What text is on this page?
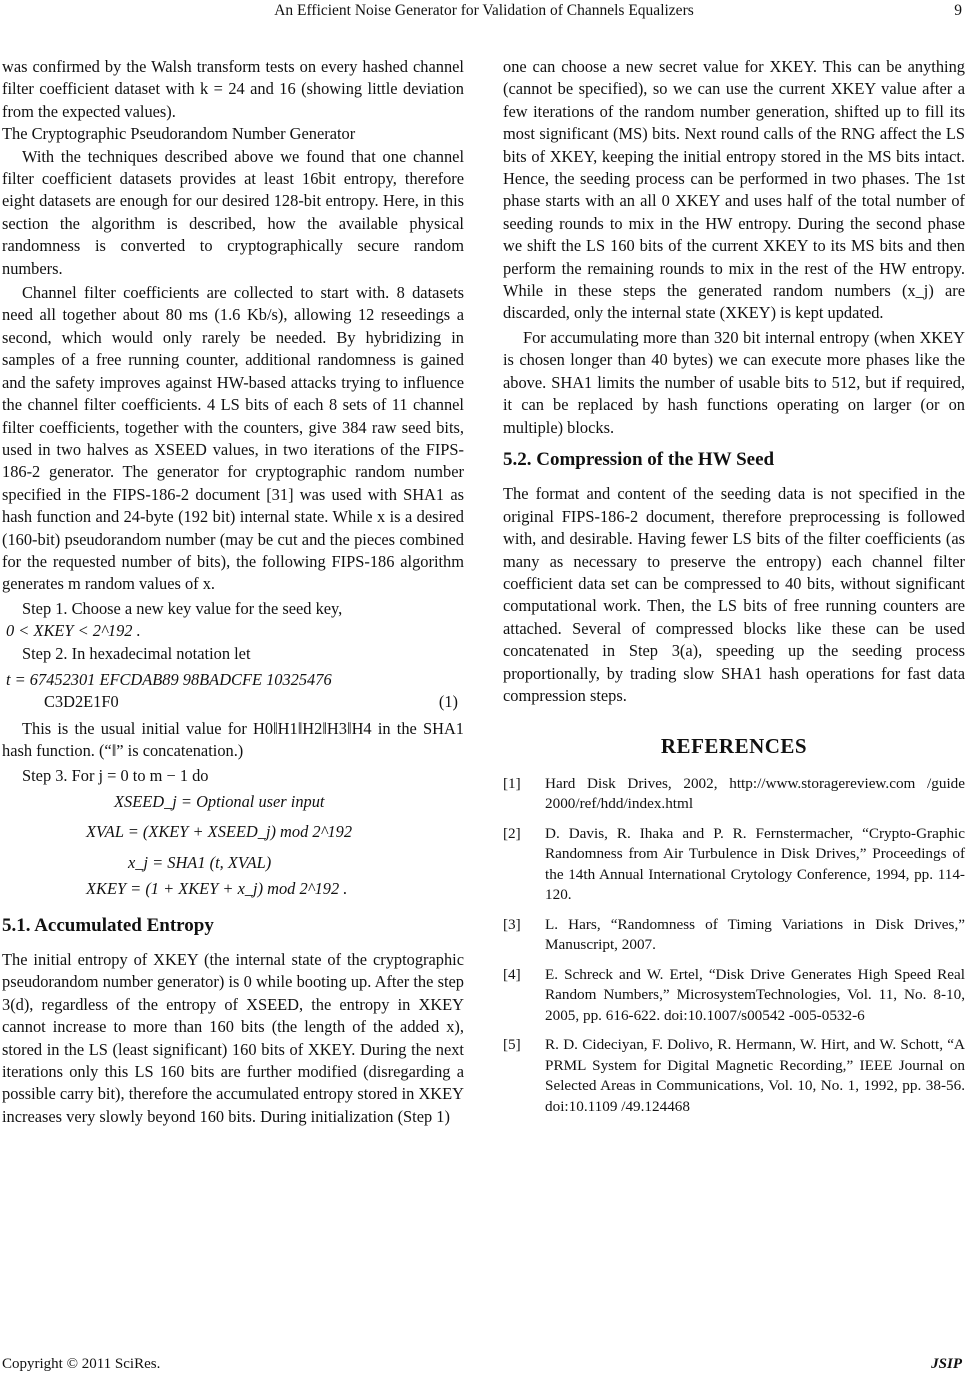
An Efficient Noise Generator for Validation of Channels Equalizers	9

was confirmed by the Walsh transform tests on every hashed channel filter coefficient dataset with k = 24 and 16 (showing little deviation from the expected values).

The Cryptographic Pseudorandom Number Generator

With the techniques described above we found that one channel filter coefficient datasets provides at least 16bit entropy, therefore eight datasets are enough for our desired 128-bit entropy. Here, in this section the algorithm is described, how the available physical randomness is converted to cryptographically secure random numbers.

Channel filter coefficients are collected to start with. 8 datasets need all together about 80 ms (1.6 Kb/s), allowing 12 reseedings a second, which would only rarely be needed. By hybridizing in samples of a free running counter, additional randomness is gained and the safety improves against HW-based attacks trying to influence the channel filter coefficients. 4 LS bits of each 8 sets of 11 channel filter coefficients, together with the counters, give 384 raw seed bits, used in two halves as XSEED values, in two iterations of the FIPS-186-2 generator. The generator for cryptographic random number specified in the FIPS-186-2 document [31] was used with SHA1 as hash function and 24-byte (192 bit) internal state. While x is a desired (160-bit) pseudorandom number (may be cut and the pieces combined for the requested number of bits), the following FIPS-186 algorithm generates m random values of x.

Step 1. Choose a new key value for the seed key,

0 < XKEY < 2^192 .

Step 2. In hexadecimal notation let

t = 67452301 EFCDAB89 98BADCFE 10325476

C3D2E1F0	(1)

This is the usual initial value for H0‖H1‖H2‖H3‖H4 in the SHA1 hash function. (“‖” is concatenation.)

Step 3. For j = 0 to m − 1 do

XSEED_j = Optional user input

XVAL = (XKEY + XSEED_j) mod 2^192

x_j = SHA1 (t, XVAL)

XKEY = (1 + XKEY + x_j) mod 2^192 .

5.1. Accumulated Entropy

The initial entropy of XKEY (the internal state of the cryptographic pseudorandom number generator) is 0 while booting up. After the step 3(d), regardless of the entropy of XSEED, the entropy in XKEY cannot increase to more than 160 bits (the length of the added x), stored in the LS (least significant) 160 bits of XKEY. During the next iterations only this LS 160 bits are further modified (disregarding a possible carry bit), therefore the accumulated entropy stored in XKEY increases very slowly beyond 160 bits. During initialization (Step 1)

one can choose a new secret value for XKEY. This can be anything (cannot be specified), so we can use the current XKEY value after a few iterations of the random number generation, shifted up to fill its most significant (MS) bits. Next round calls of the RNG affect the LS bits of XKEY, keeping the initial entropy stored in the MS bits intact. Hence, the seeding process can be performed in two phases. The 1st phase starts with an all 0 XKEY and uses half of the total number of seeding rounds to mix in the HW entropy. During the second phase we shift the LS 160 bits of the current XKEY to its MS bits and then perform the remaining rounds to mix in the rest of the HW entropy. While in these steps the generated random numbers (x_j) are discarded, only the internal state (XKEY) is kept updated.

For accumulating more than 320 bit internal entropy (when XKEY is chosen longer than 40 bytes) we can execute more phases like the above. SHA1 limits the number of usable bits to 512, but if required, it can be replaced by hash functions operating on larger (or on multiple) blocks.

5.2. Compression of the HW Seed

The format and content of the seeding data is not specified in the original FIPS-186-2 document, therefore preprocessing is followed with, and desirable. Having fewer LS bits of the filter coefficients (as many as necessary to preserve the entropy) each channel filter coefficient data set can be compressed to 40 bits, without significant computational work. Then, the LS bits of free running counters are attached. Several of compressed blocks like these can be used concatenated in Step 3(a), speeding up the seeding process proportionally, by trading slow SHA1 hash operations for fast data compression steps.

REFERENCES
[1] Hard Disk Drives, 2002, http://www.storagereview.com /guide 2000/ref/hdd/index.html
[2] D. Davis, R. Ihaka and P. R. Fernstermacher, “Crypto-Graphic Randomness from Air Turbulence in Disk Drives,” Proceedings of the 14th Annual International Crytology Conference, 1994, pp. 114-120.
[3] L. Hars, “Randomness of Timing Variations in Disk Drives,” Manuscript, 2007.
[4] E. Schreck and W. Ertel, “Disk Drive Generates High Speed Real Random Numbers,” MicrosystemTechnologies, Vol. 11, No. 8-10, 2005, pp. 616-622. doi:10.1007/s00542 -005-0532-6
[5] R. D. Cideciyan, F. Dolivo, R. Hermann, W. Hirt, and W. Schott, “A PRML System for Digital Magnetic Recording,” IEEE Journal on Selected Areas in Communications, Vol. 10, No. 1, 1992, pp. 38-56. doi:10.1109 /49.124468
Copyright © 2011 SciRes.	JSIP
